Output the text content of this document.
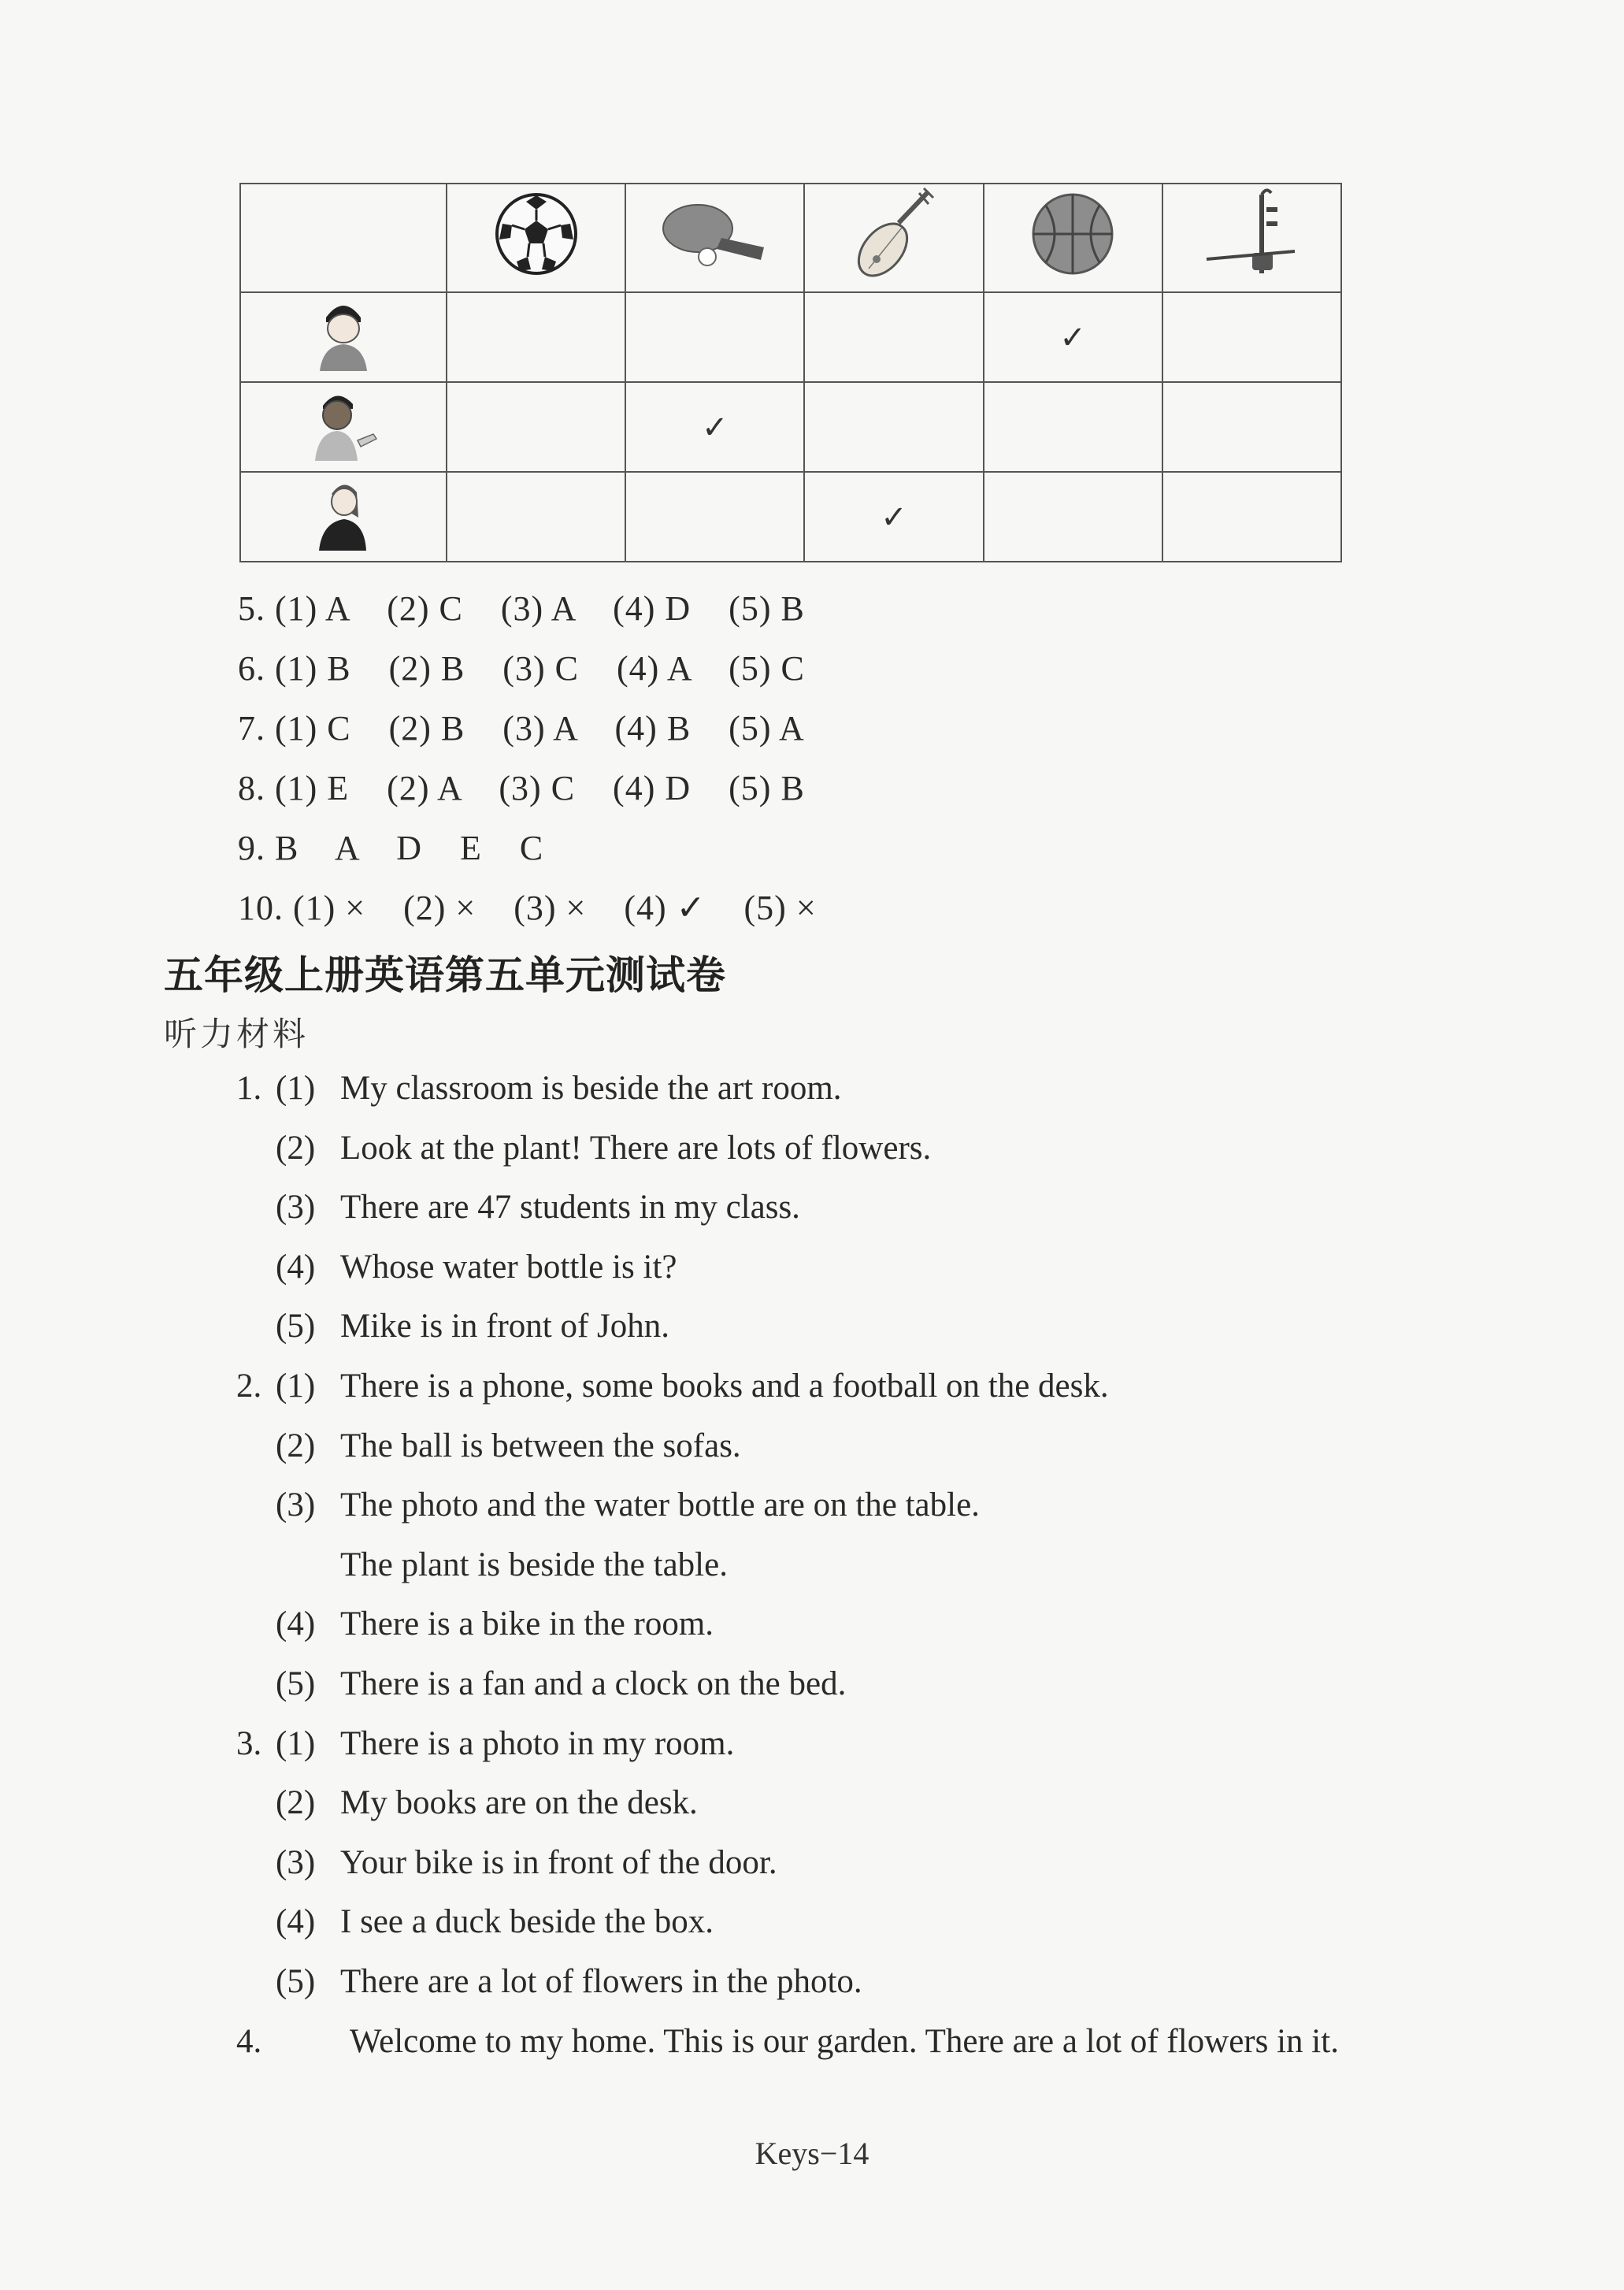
				✓	
		✓			
			✓		
5. (1) A    (2) C    (3) A    (4) D    (5) B
6. (1) B    (2) B    (3) C    (4) A    (5) C
7. (1) C    (2) B    (3) A    (4) B    (5) A
8. (1) E    (2) A    (3) C    (4) D    (5) B
9. B    A    D    E    C
10. (1) ×    (2) ×    (3) ×    (4) ✓    (5) ×
五年级上册英语第五单元测试卷
听力材料
1. (1) My classroom is beside the art room.
(2) Look at the plant! There are lots of flowers.
(3) There are 47 students in my class.
(4) Whose water bottle is it?
(5) Mike is in front of John.
2. (1) There is a phone, some books and a football on the desk.
(2) The ball is between the sofas.
(3) The photo and the water bottle are on the table.
The plant is beside the table.
(4) There is a bike in the room.
(5) There is a fan and a clock on the bed.
3. (1) There is a photo in my room.
(2) My books are on the desk.
(3) Your bike is in front of the door.
(4) I see a duck beside the box.
(5) There are a lot of flowers in the photo.
4.	Welcome to my home. This is our garden. There are a lot of flowers in it.
Keys−14
